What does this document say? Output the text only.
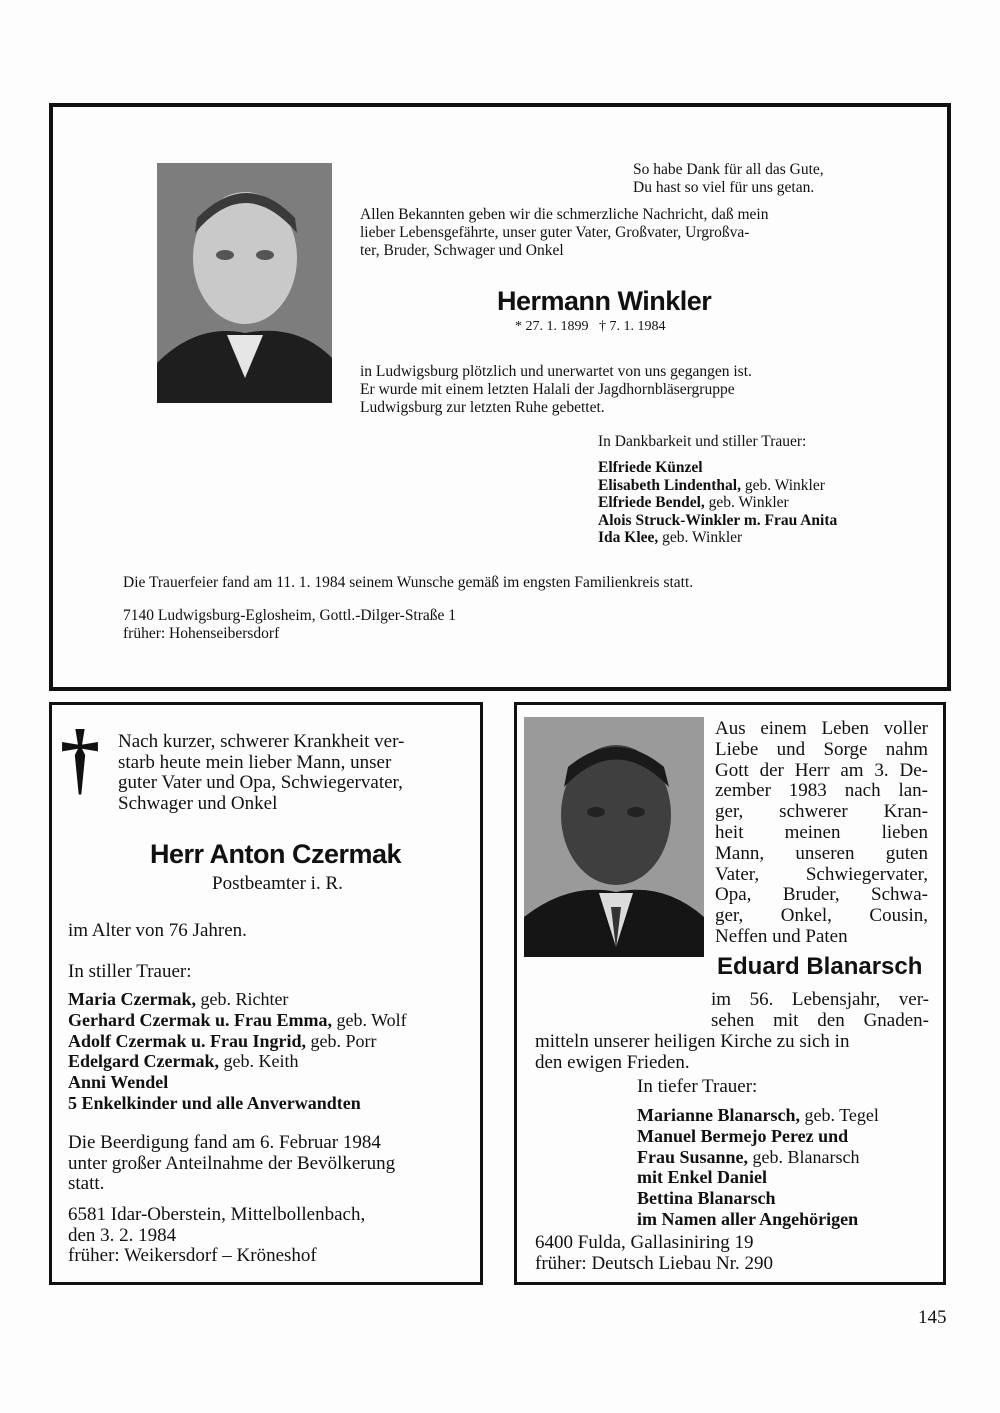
So habe Dank für all das Gute,
Du hast so viel für uns getan.
Allen Bekannten geben wir die schmerzliche Nachricht, daß mein
lieber Lebensgefährte, unser guter Vater, Großvater, Urgroßva-
ter, Bruder, Schwager und Onkel
Hermann Winkler
* 27. 1. 1899   † 7. 1. 1984
in Ludwigsburg plötzlich und unerwartet von uns gegangen ist.
Er wurde mit einem letzten Halali der Jagdhornbläsergruppe
Ludwigsburg zur letzten Ruhe gebettet.
In Dankbarkeit und stiller Trauer:
Elfriede Künzel
Elisabeth Lindenthal, geb. Winkler
Elfriede Bendel, geb. Winkler
Alois Struck-Winkler m. Frau Anita
Ida Klee, geb. Winkler
Die Trauerfeier fand am 11. 1. 1984 seinem Wunsche gemäß im engsten Familienkreis statt.
7140 Ludwigsburg-Eglosheim, Gottl.-Dilger-Straße 1
früher: Hohenseibersdorf
† Nach kurzer, schwerer Krankheit ver-
starb heute mein lieber Mann, unser
guter Vater und Opa, Schwiegervater,
Schwager und Onkel
Herr Anton Czermak
Postbeamter i. R.
im Alter von 76 Jahren.
In stiller Trauer:
Maria Czermak, geb. Richter
Gerhard Czermak u. Frau Emma, geb. Wolf
Adolf Czermak u. Frau Ingrid, geb. Porr
Edelgard Czermak, geb. Keith
Anni Wendel
5 Enkelkinder und alle Anverwandten
Die Beerdigung fand am 6. Februar 1984
unter großer Anteilnahme der Bevölkerung
statt.
6581 Idar-Oberstein, Mittelbollenbach,
den 3. 2. 1984
früher: Weikersdorf – Kröneshof
Aus einem Leben voller
Liebe und Sorge nahm
Gott der Herr am 3. De-
zember 1983 nach lan-
ger, schwerer Kran-
heit meinen lieben
Mann, unseren guten
Vater, Schwiegervater,
Opa, Bruder, Schwa-
ger, Onkel, Cousin,
Neffen und Paten
Eduard Blanarsch
im 56. Lebensjahr, ver-
sehen mit den Gnaden-
mitteln unserer heiligen Kirche zu sich in
den ewigen Frieden.
In tiefer Trauer:
Marianne Blanarsch, geb. Tegel
Manuel Bermejo Perez und
Frau Susanne, geb. Blanarsch
mit Enkel Daniel
Bettina Blanarsch
im Namen aller Angehörigen
6400 Fulda, Gallasiniring 19
früher: Deutsch Liebau Nr. 290
145
